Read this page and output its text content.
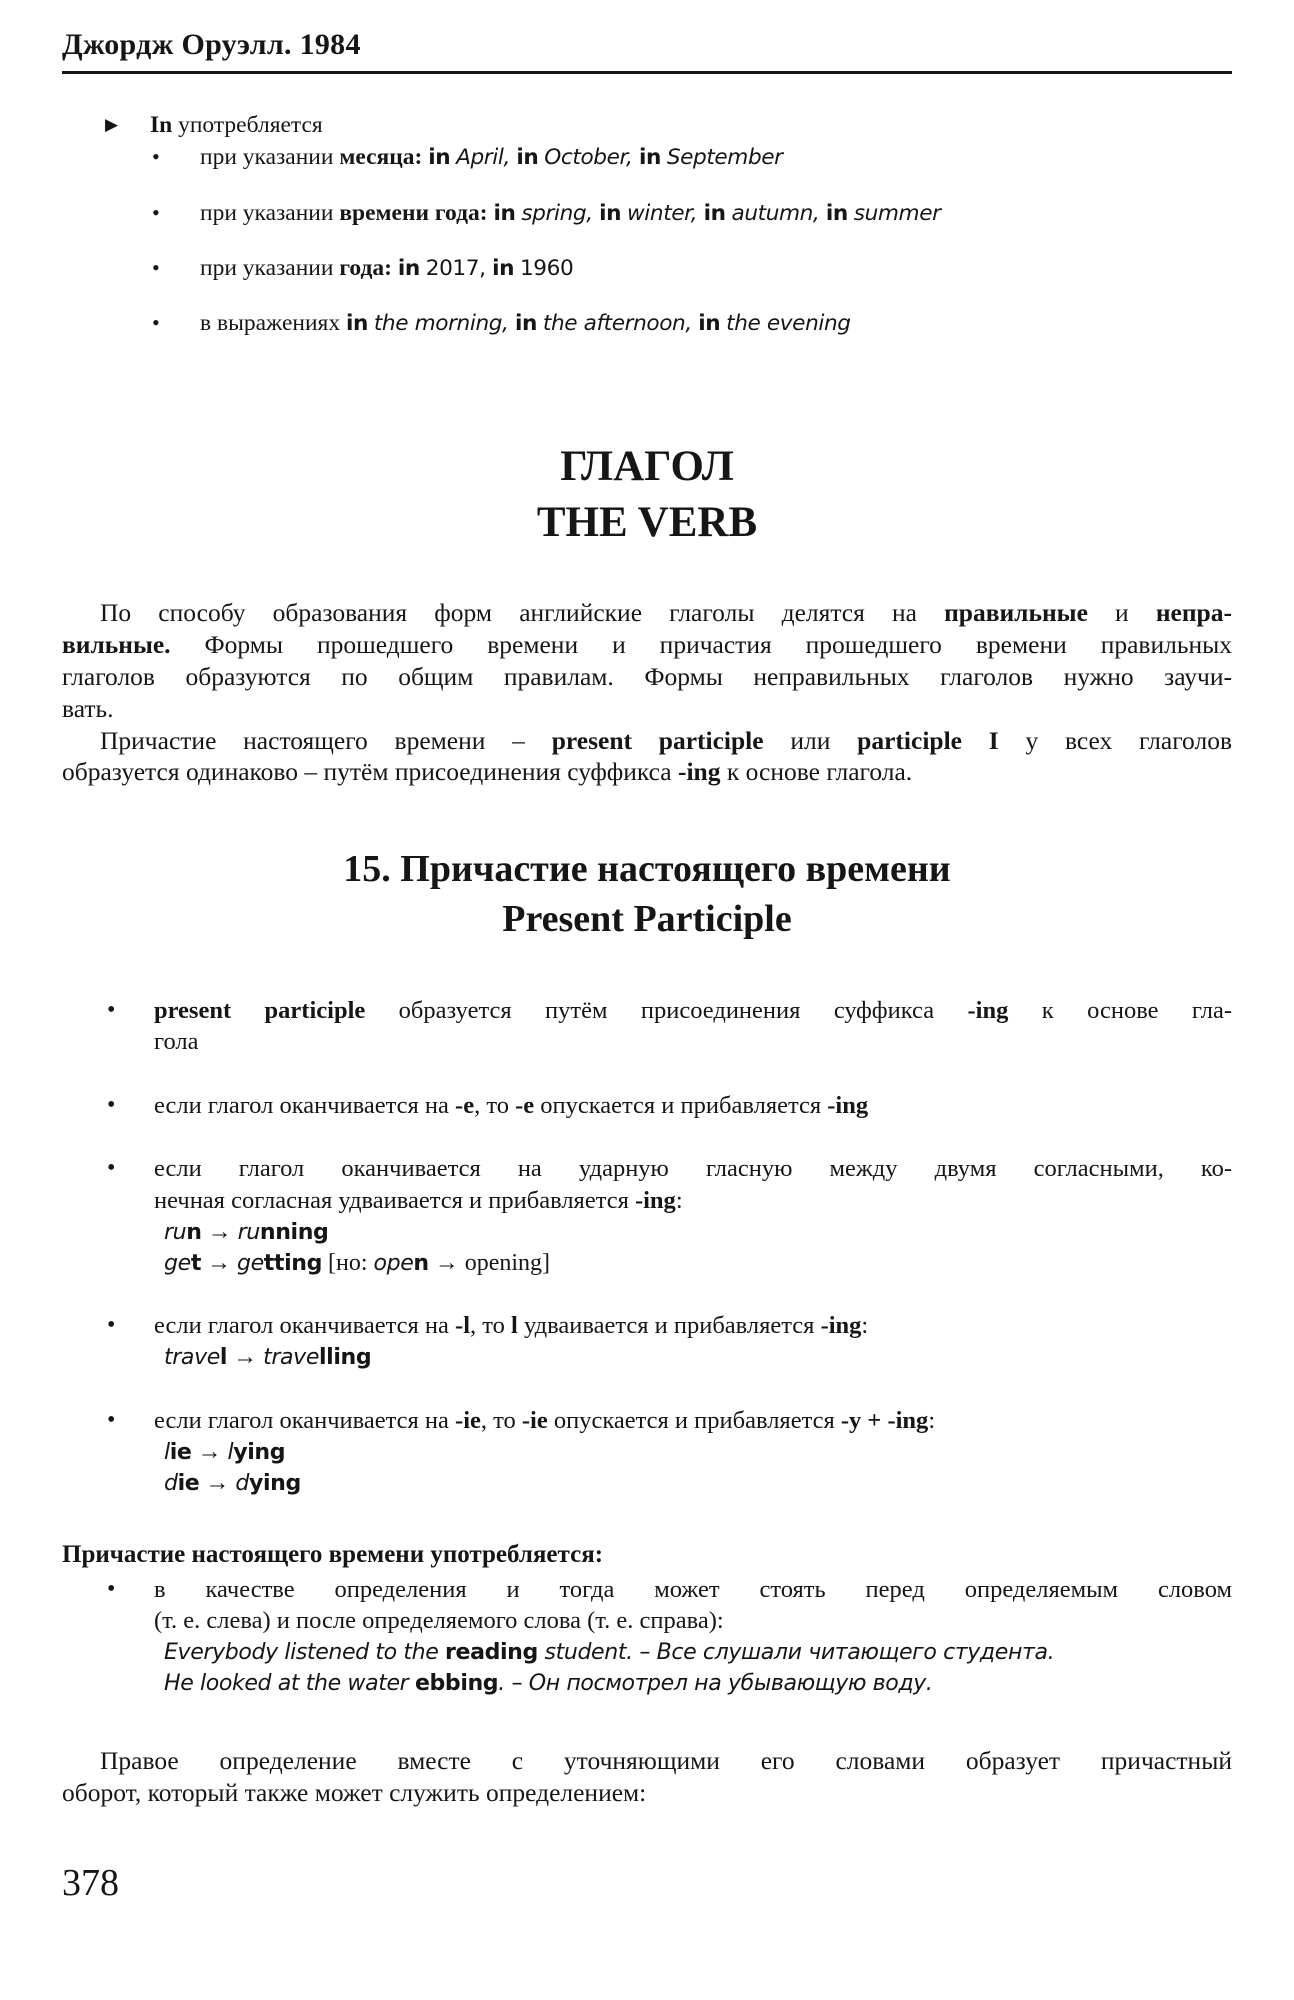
Джордж Оруэлл. 1984
▶	In употребляется
•	при указании месяца: in April, in October, in September
•	при указании времени года: in spring, in winter, in autumn, in summer
•	при указании года: in 2017, in 1960
•	в выражениях in the morning, in the afternoon, in the evening
ГЛАГОЛ
THE VERB
По способу образования форм английские глаголы делятся на правильные и непра-
вильные. Формы прошедшего времени и причастия прошедшего времени правильных
глаголов образуются по общим правилам. Формы неправильных глаголов нужно заучи-
вать.
Причастие настоящего времени – present participle или participle I у всех глаголов
образуется одинаково – путём присоединения суффикса -ing к основе глагола.
15. Причастие настоящего времени
Present Participle
•	present participle образуется путём присоединения суффикса -ing к основе гла-
гола
•	если глагол оканчивается на -e, то -e опускается и прибавляется -ing
•	если глагол оканчивается на ударную гласную между двумя согласными, ко-
нечная согласная удваивается и прибавляется -ing:
run → running
get → getting [но: open → opening]
•	если глагол оканчивается на -l, то l удваивается и прибавляется -ing:
travel → travelling
•	если глагол оканчивается на -ie, то -ie опускается и прибавляется -y + -ing:
lie → lying
die → dying
Причастие настоящего времени употребляется:
•	в качестве определения и тогда может стоять перед определяемым словом
(т. е. слева) и после определяемого слова (т. е. справа):
Everybody listened to the reading student. – Все слушали читающего студента.
He looked at the water ebbing. – Он посмотрел на убывающую воду.
Правое определение вместе с уточняющими его словами образует причастный
оборот, который также может служить определением:
378
